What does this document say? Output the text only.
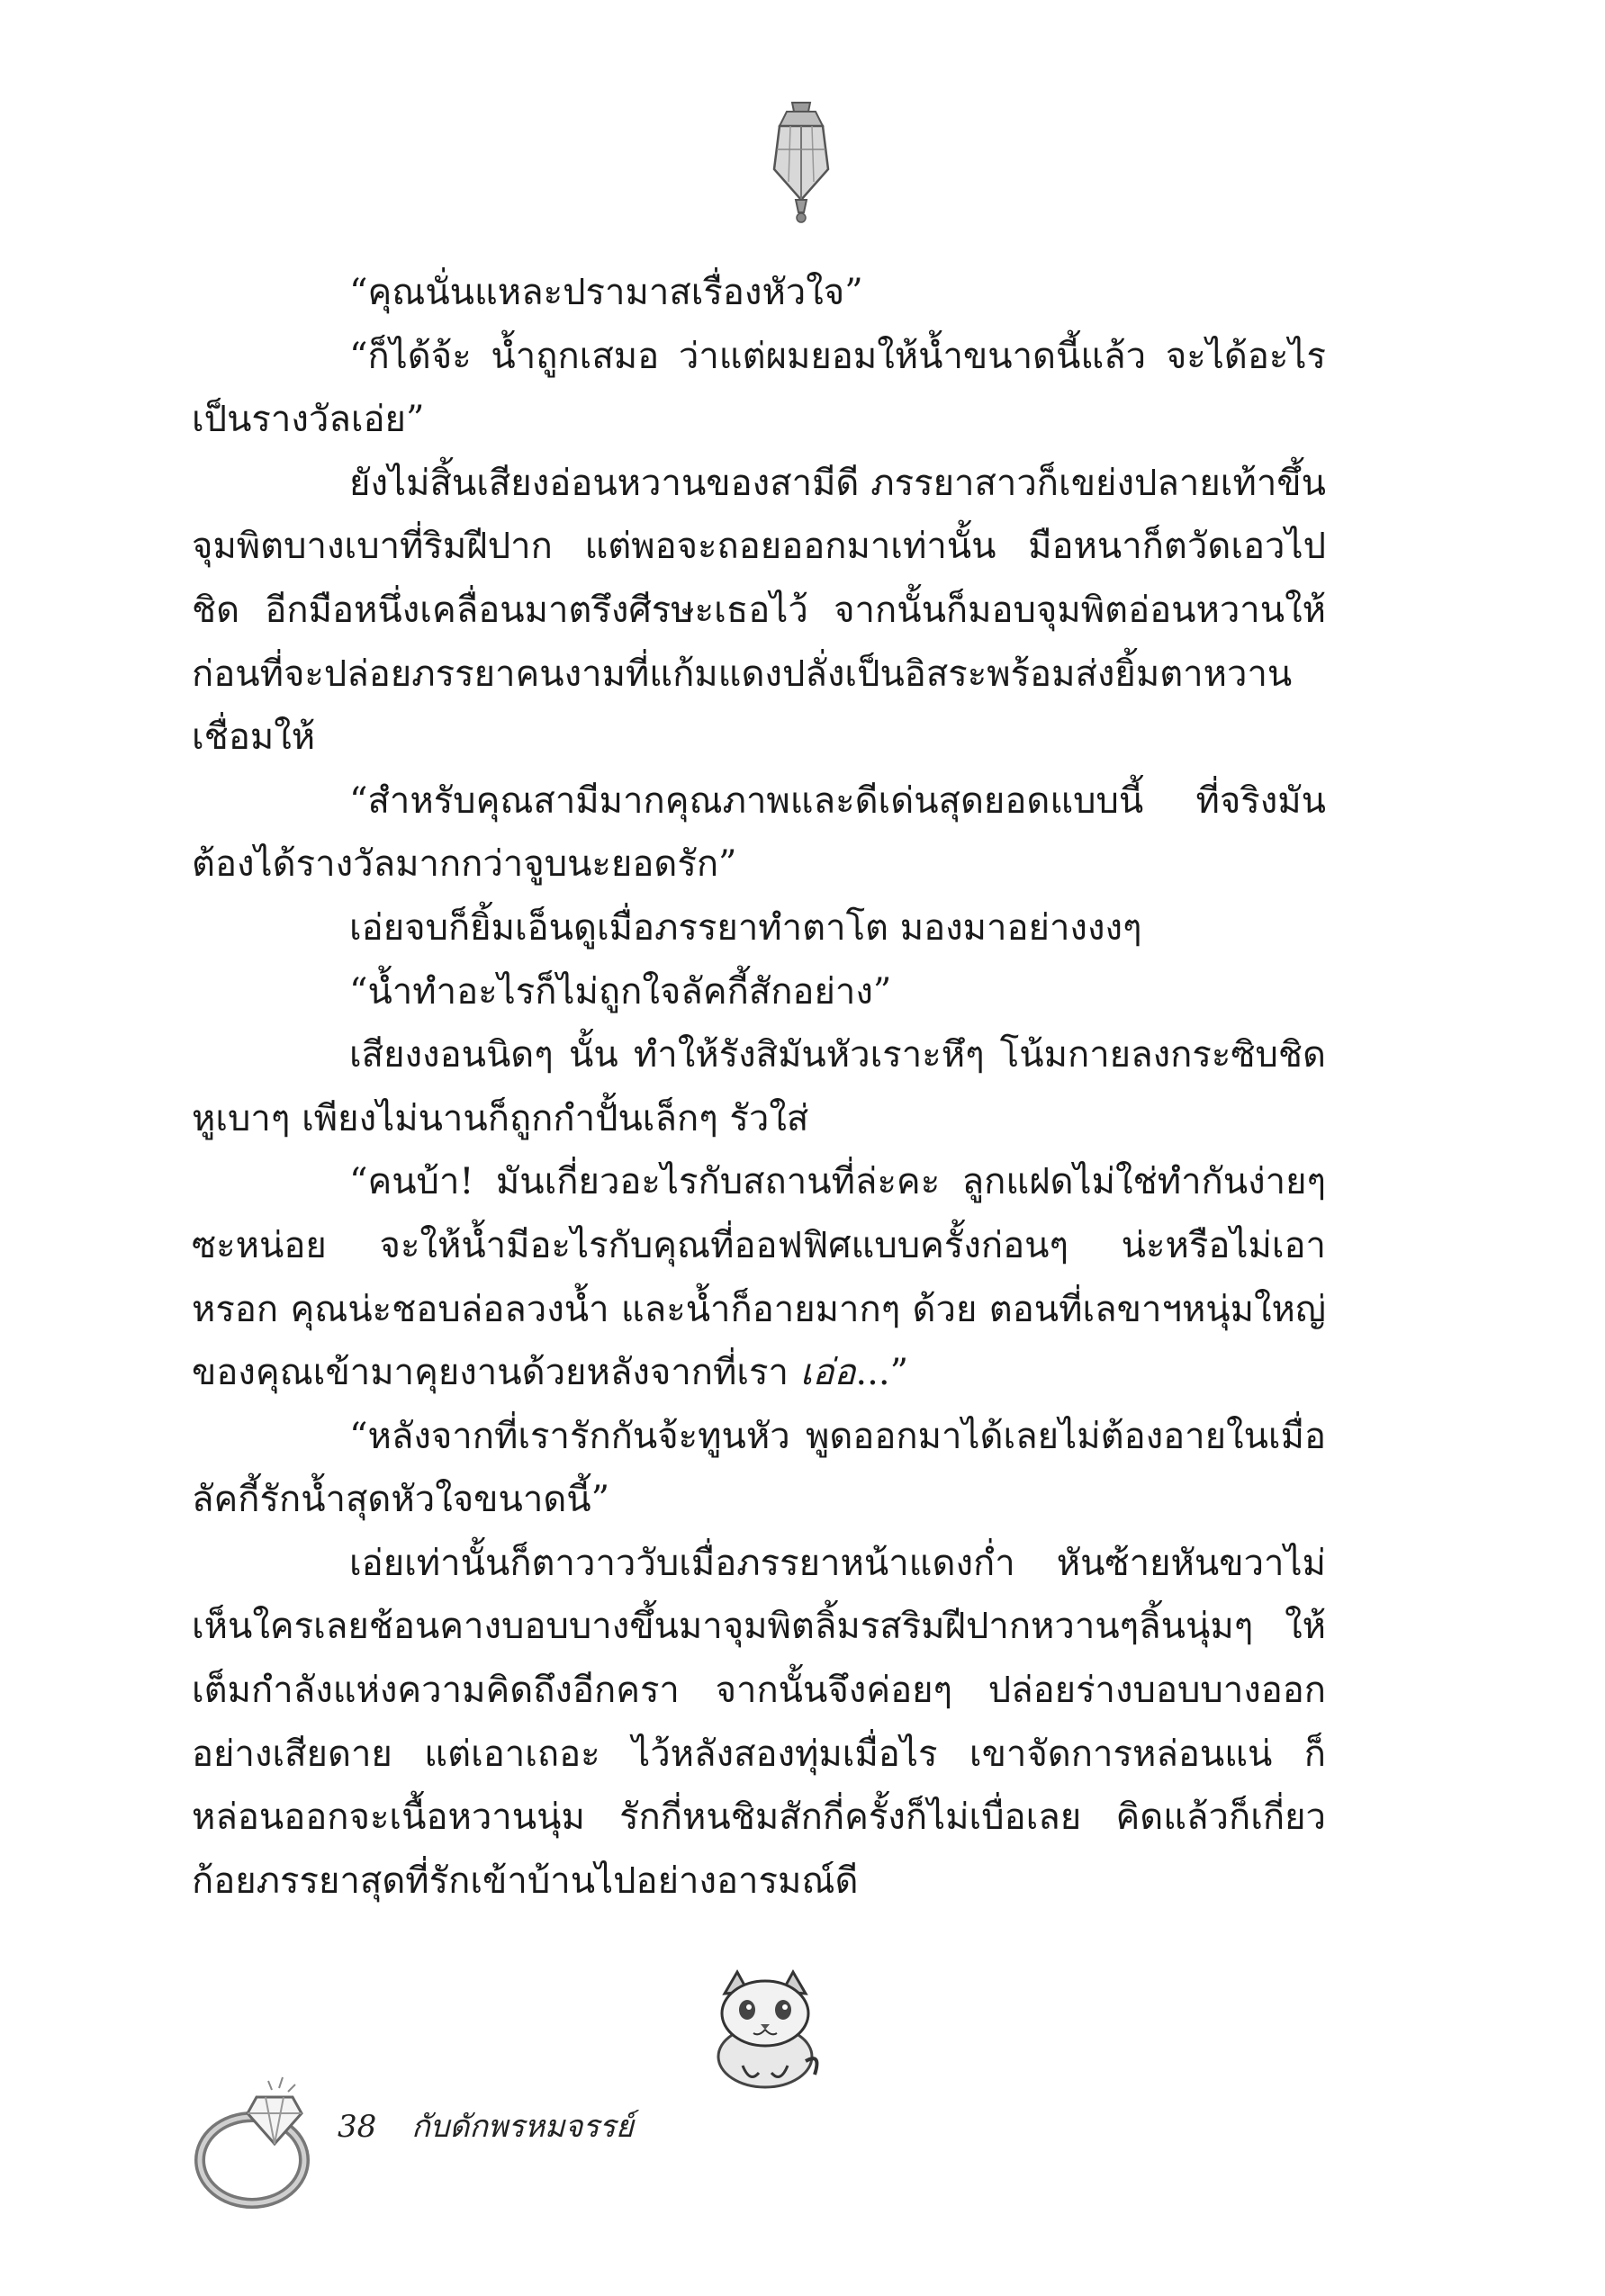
“คุณนั่นแหละปรามาสเรื่องหัวใจ”

“ก็ได้จ้ะ น้ำถูกเสมอ ว่าแต่ผมยอมให้น้ำขนาดนี้แล้ว จะได้อะไรเป็นรางวัลเอ่ย”

ยังไม่สิ้นเสียงอ่อนหวานของสามีดี ภรรยาสาวก็เขย่งปลายเท้าขึ้นจุมพิตบางเบาที่ริมฝีปาก แต่พอจะถอยออกมาเท่านั้น มือหนาก็ตวัดเอวไปชิด อีกมือหนึ่งเคลื่อนมาตรึงศีรษะเธอไว้ จากนั้นก็มอบจุมพิตอ่อนหวานให้ ก่อนที่จะปล่อยภรรยาคนงามที่แก้มแดงปลั่งเป็นอิสระพร้อมส่งยิ้มตาหวานเชื่อมให้

“สำหรับคุณสามีมากคุณภาพและดีเด่นสุดยอดแบบนี้ ที่จริงมันต้องได้รางวัลมากกว่าจูบนะยอดรัก”

เอ่ยจบก็ยิ้มเอ็นดูเมื่อภรรยาทำตาโต มองมาอย่างงงๆ

“น้ำทำอะไรก็ไม่ถูกใจลัคกี้สักอย่าง”

เสียงงอนนิดๆ นั้น ทำให้รังสิมันหัวเราะหึๆ โน้มกายลงกระซิบชิดหูเบาๆ เพียงไม่นานก็ถูกกำปั้นเล็กๆ รัวใส่

“คนบ้า! มันเกี่ยวอะไรกับสถานที่ล่ะคะ ลูกแฝดไม่ใช่ทำกันง่ายๆ ซะหน่อย จะให้น้ำมีอะไรกับคุณที่ออฟฟิศแบบครั้งก่อนๆ น่ะหรือไม่เอาหรอก คุณน่ะชอบล่อลวงน้ำ และน้ำก็อายมากๆ ด้วย ตอนที่เลขาฯหนุ่มใหญ่ของคุณเข้ามาคุยงานด้วยหลังจากที่เรา เอ่อ...”

“หลังจากที่เรารักกันจ้ะทูนหัว พูดออกมาได้เลยไม่ต้องอายในเมื่อลัคกี้รักน้ำสุดหัวใจขนาดนี้”

เอ่ยเท่านั้นก็ตาวาววับเมื่อภรรยาหน้าแดงก่ำ หันซ้ายหันขวาไม่เห็นใครเลยช้อนคางบอบบางขึ้นมาจุมพิตลิ้มรสริมฝีปากหวานๆลิ้นนุ่มๆ ให้เต็มกำลังแห่งความคิดถึงอีกครา จากนั้นจึงค่อยๆ ปล่อยร่างบอบบางออกอย่างเสียดาย แต่เอาเถอะ ไว้หลังสองทุ่มเมื่อไร เขาจัดการหล่อนแน่ ก็หล่อนออกจะเนื้อหวานนุ่ม รักกี่หนชิมสักกี่ครั้งก็ไม่เบื่อเลย คิดแล้วก็เกี่ยวก้อยภรรยาสุดที่รักเข้าบ้านไปอย่างอารมณ์ดี

38 กับดักพรหมจรรย์
